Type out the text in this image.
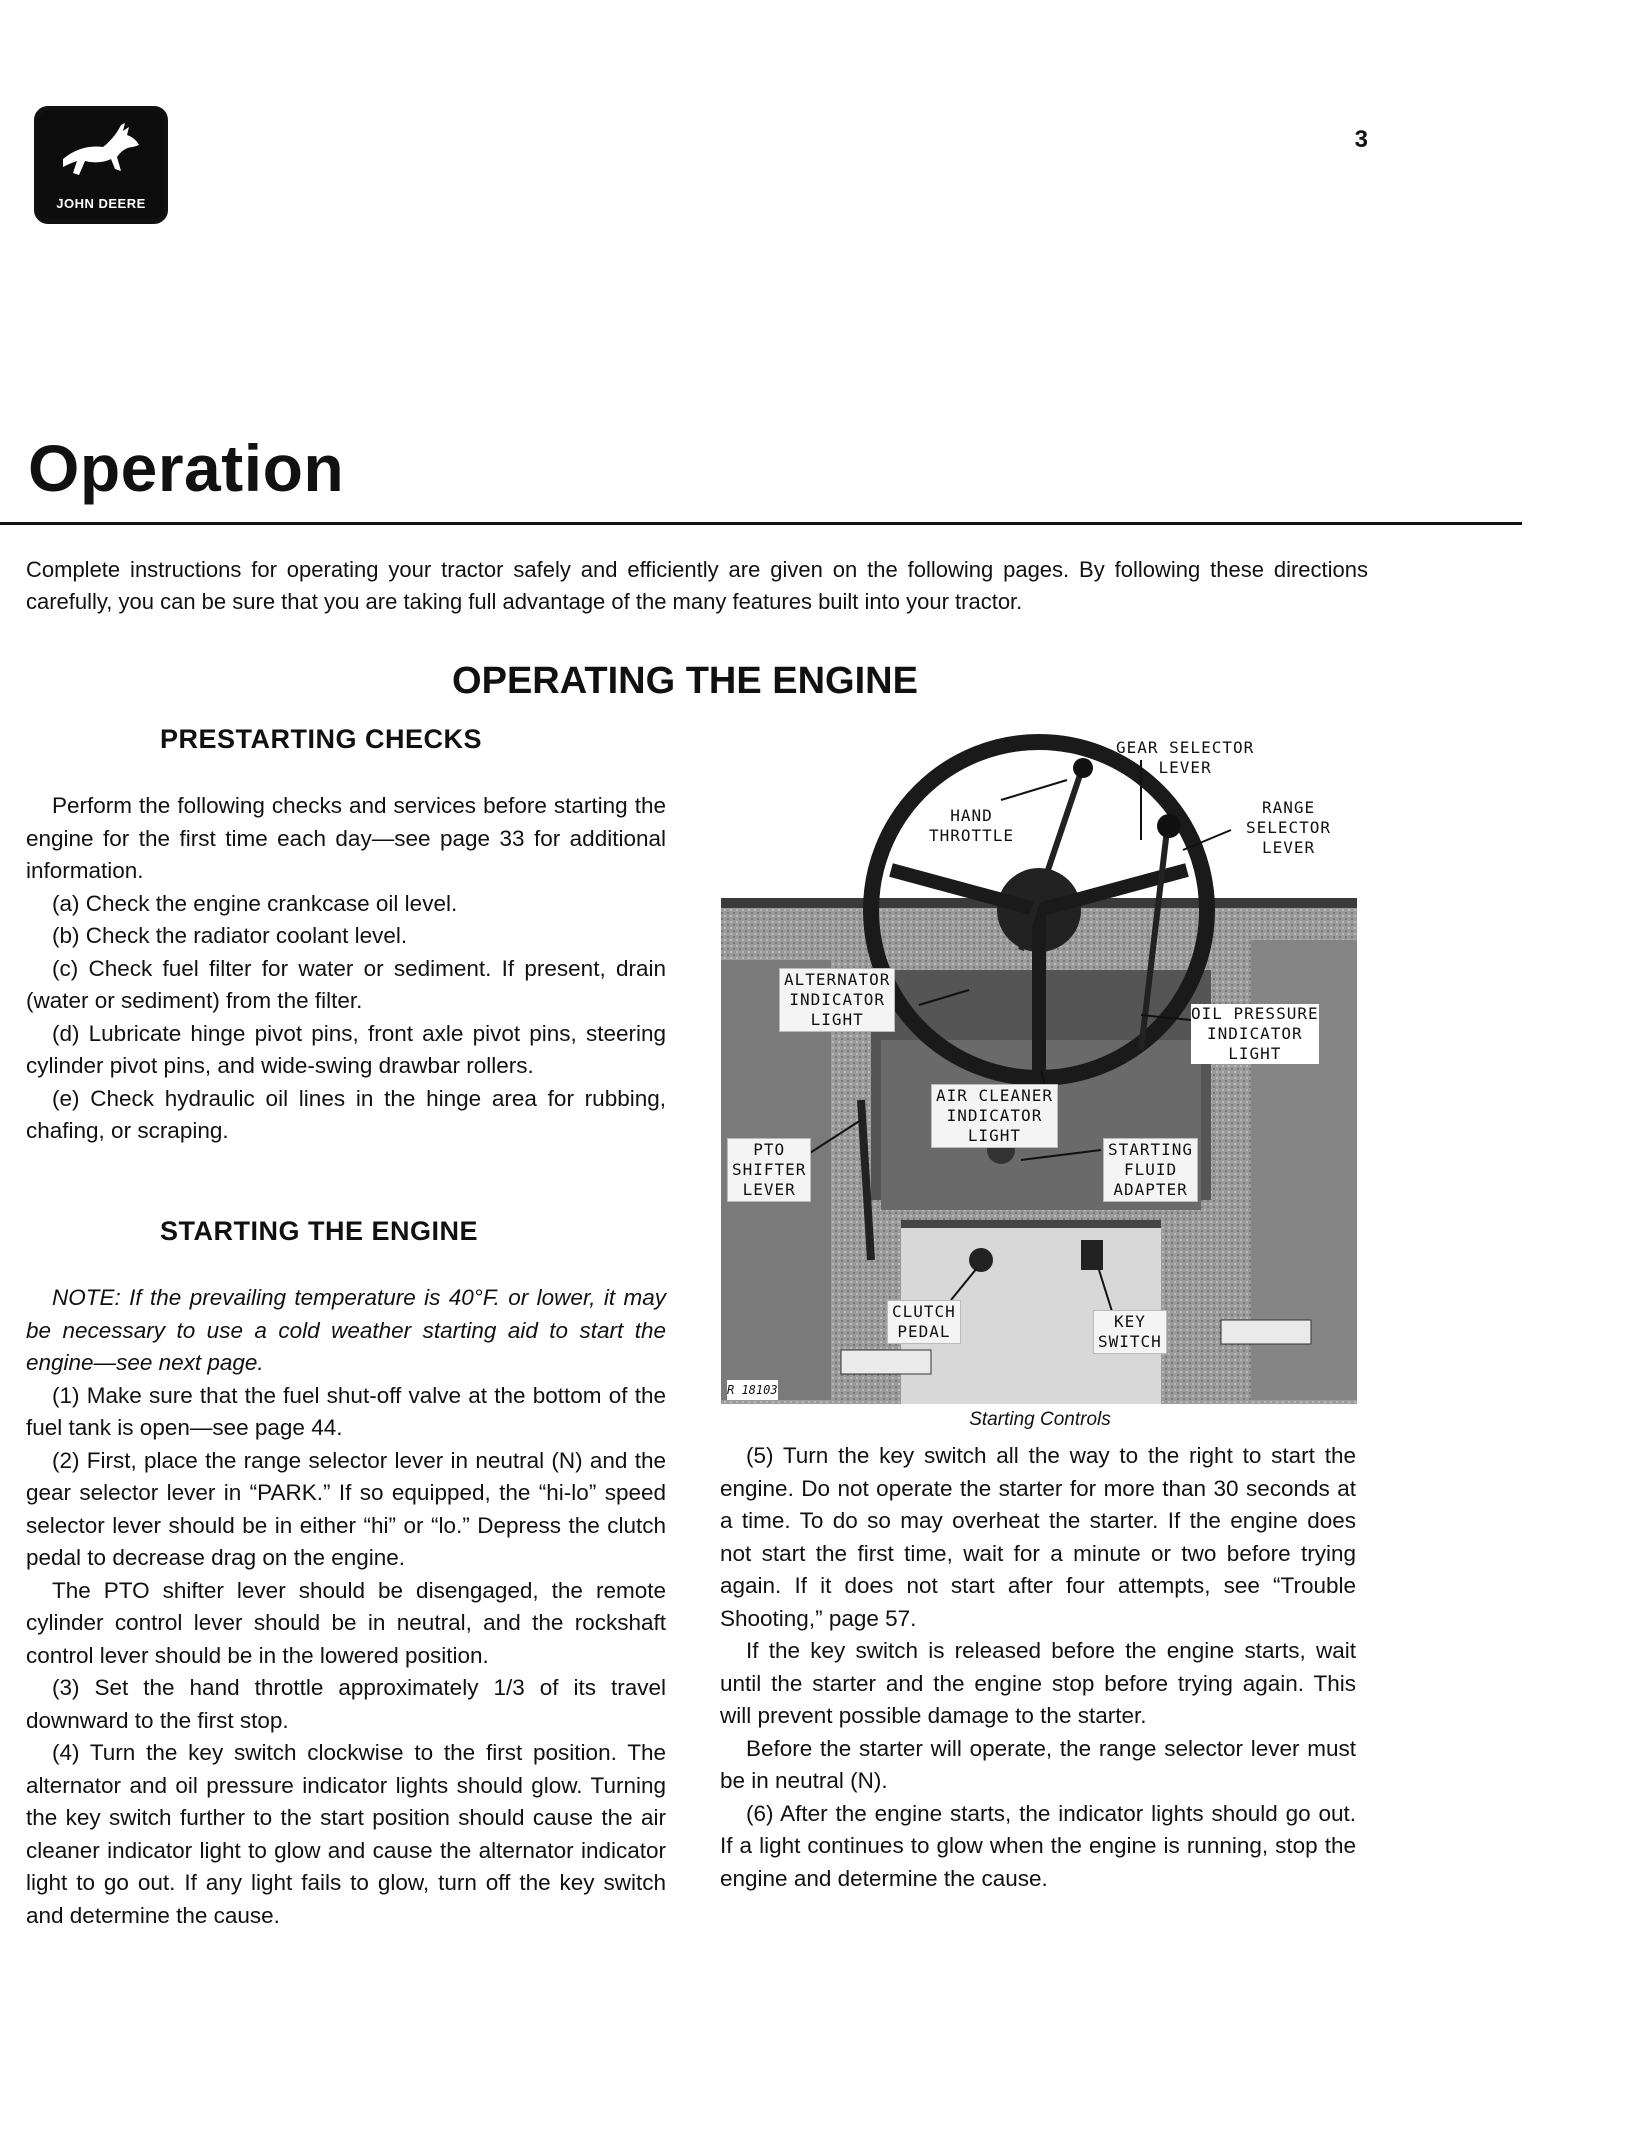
JOHN DEERE
3
Operation
Complete instructions for operating your tractor safely and efficiently are given on the following pages. By following these directions carefully, you can be sure that you are taking full advantage of the many features built into your tractor.
OPERATING THE ENGINE
PRESTARTING CHECKS

Perform the following checks and services before starting the engine for the first time each day—see page 33 for additional information.

(a) Check the engine crankcase oil level.

(b) Check the radiator coolant level.

(c) Check fuel filter for water or sediment. If present, drain (water or sediment) from the filter.

(d) Lubricate hinge pivot pins, front axle pivot pins, steering cylinder pivot pins, and wide-swing drawbar rollers.

(e) Check hydraulic oil lines in the hinge area for rubbing, chafing, or scraping.

STARTING THE ENGINE

NOTE: If the prevailing temperature is 40°F. or lower, it may be necessary to use a cold weather starting aid to start the engine—see next page.

(1) Make sure that the fuel shut-off valve at the bottom of the fuel tank is open—see page 44.

(2) First, place the range selector lever in neutral (N) and the gear selector lever in “PARK.” If so equipped, the “hi-lo” speed selector lever should be in either “hi” or “lo.” Depress the clutch pedal to decrease drag on the engine.

The PTO shifter lever should be disengaged, the remote cylinder control lever should be in neutral, and the rockshaft control lever should be in the lowered position.

(3) Set the hand throttle approximately 1/3 of its travel downward to the first stop.

(4) Turn the key switch clockwise to the first position. The alternator and oil pressure indicator lights should glow. Turning the key switch further to the start position should cause the air cleaner indicator light to glow and cause the alternator indicator light to go out. If any light fails to glow, turn off the key switch and determine the cause.

GEAR SELECTOR
LEVER
HAND
THROTTLE
RANGE
SELECTOR
LEVER
ALTERNATOR
INDICATOR
LIGHT	OIL PRESSURE
INDICATOR
LIGHT
AIR CLEANER
INDICATOR
LIGHT
PTO
SHIFTER
LEVER
STARTING
FLUID
ADAPTER
CLUTCH
PEDAL
KEY
SWITCH
R 18103
Starting Controls

(5) Turn the key switch all the way to the right to start the engine. Do not operate the starter for more than 30 seconds at a time. To do so may overheat the starter. If the engine does not start the first time, wait for a minute or two before trying again. If it does not start after four attempts, see “Trouble Shooting,” page 57.

If the key switch is released before the engine starts, wait until the starter and the engine stop before trying again. This will prevent possible damage to the starter.

Before the starter will operate, the range selector lever must be in neutral (N).

(6) After the engine starts, the indicator lights should go out. If a light continues to glow when the engine is running, stop the engine and determine the cause.
